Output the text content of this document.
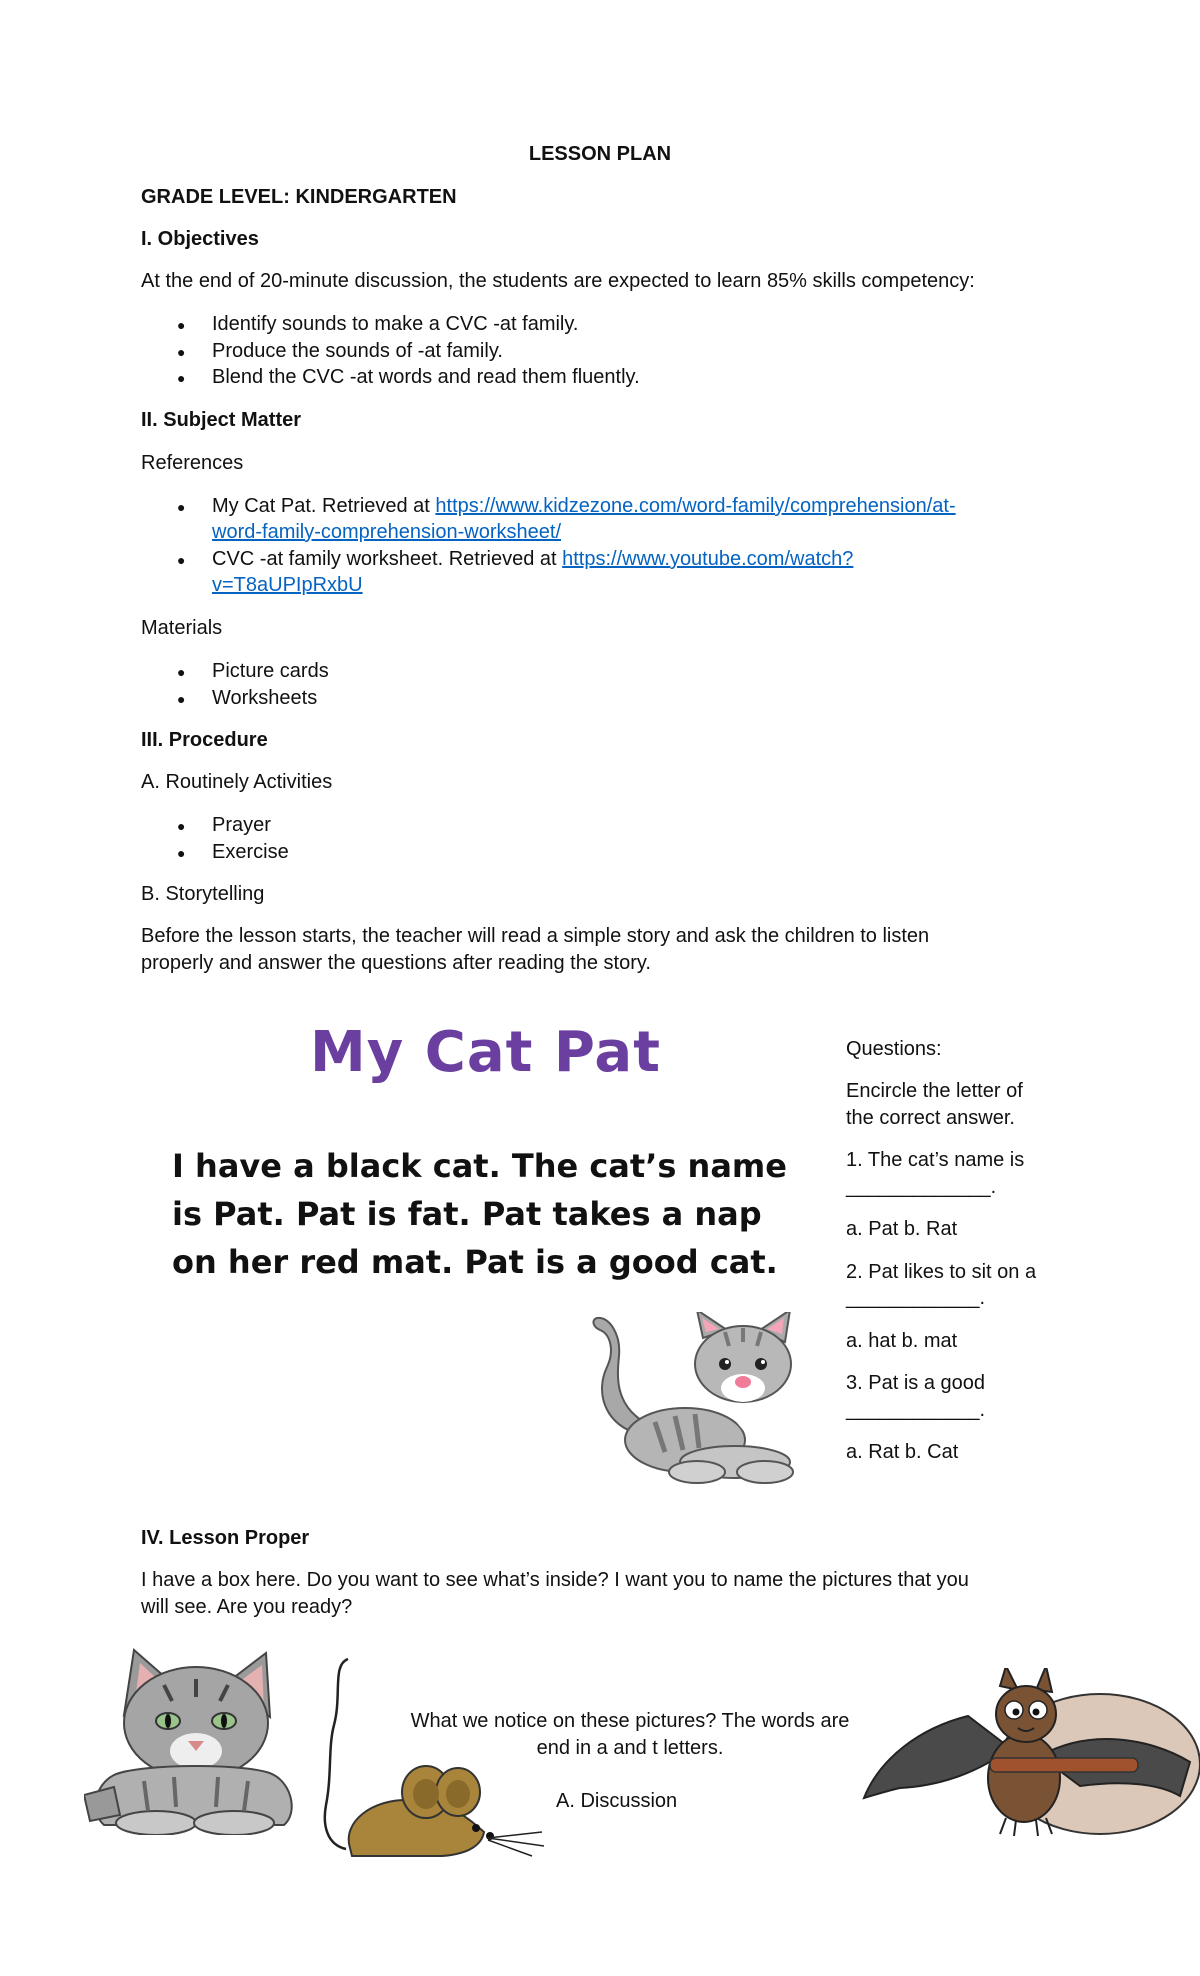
LESSON PLAN
GRADE LEVEL: KINDERGARTEN
I. Objectives
At the end of 20-minute discussion, the students are expected to learn 85% skills competency:
● Identify sounds to make a CVC -at family.
● Produce the sounds of -at family.
● Blend the CVC -at words and read them fluently.
II. Subject Matter
References
● My Cat Pat. Retrieved at https://www.kidzezone.com/word-family/comprehension/at-
word-family-comprehension-worksheet/
● CVC -at family worksheet. Retrieved at https://www.youtube.com/watch?
v=T8aUPIpRxbU
Materials
● Picture cards
● Worksheets
III. Procedure
A. Routinely Activities
● Prayer
● Exercise
B. Storytelling
Before the lesson starts, the teacher will read a simple story and ask the children to listen
properly and answer the questions after reading the story.
My Cat Pat
I have a black cat. The cat’s name
is Pat. Pat is fat. Pat takes a nap
on her red mat. Pat is a good cat.
Questions:
Encircle the letter of
the correct answer.
1. The cat’s name is
_____________.
a. Pat b. Rat
2. Pat likes to sit on a
____________.
a. hat b. mat
3. Pat is a good
____________.
a. Rat b. Cat
IV. Lesson Proper
I have a box here. Do you want to see what’s inside? I want you to name the pictures that you
will see. Are you ready?
What we notice on these pictures? The words are
end in a and t letters.
A. Discussion
